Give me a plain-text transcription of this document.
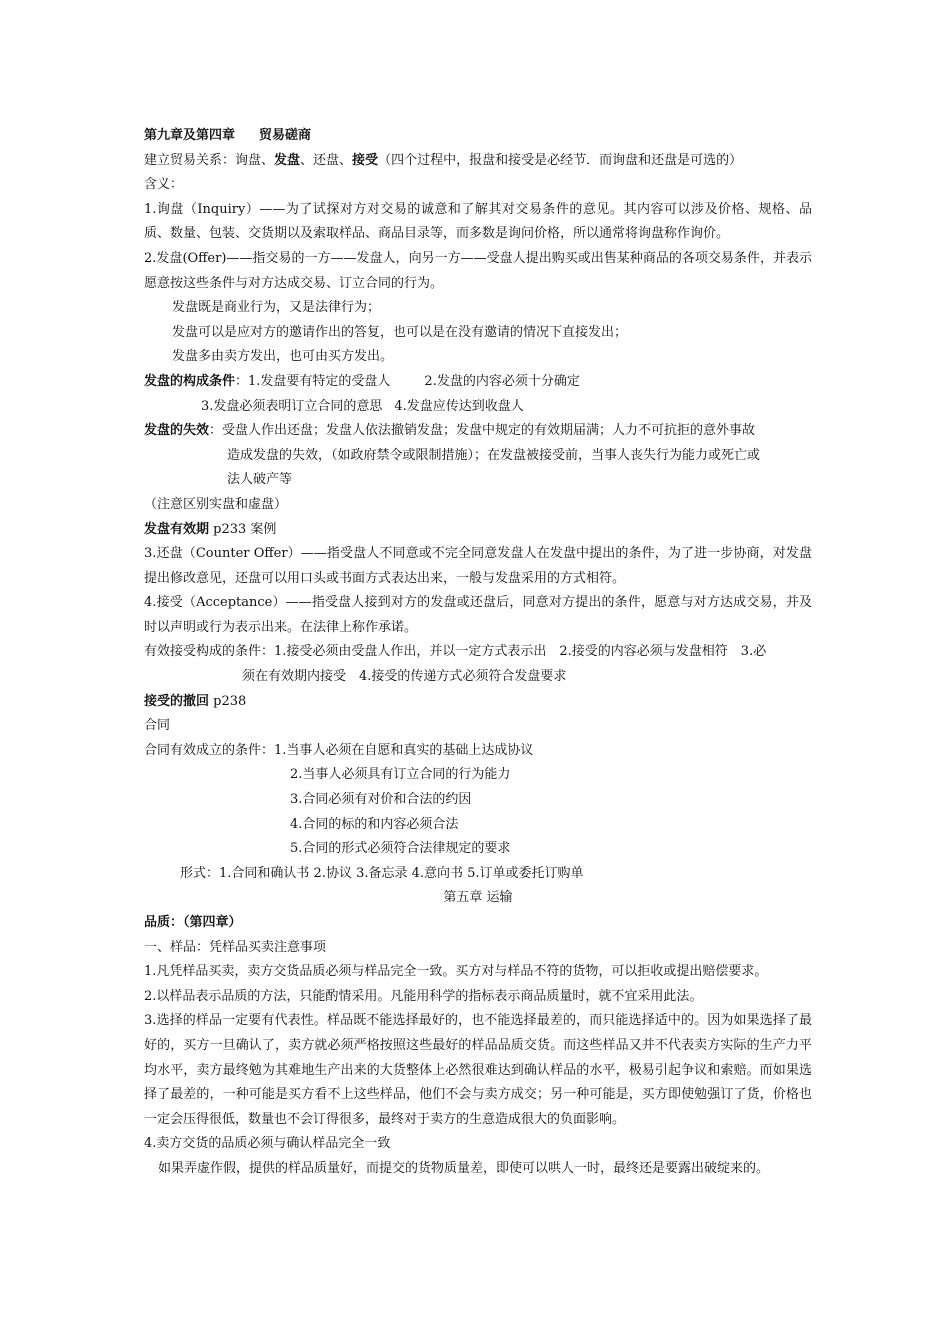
第九章及第四章 贸易磋商
建立贸易关系：询盘、发盘、还盘、接受（四个过程中，报盘和接受是必经节．而询盘和还盘是可选的）
含义：
1.询盘（Inquiry）——为了试探对方对交易的诚意和了解其对交易条件的意见。其内容可以涉及价格、规格、品质、数量、包装、交货期以及索取样品、商品目录等，而多数是询问价格，所以通常将询盘称作询价。
2.发盘(Offer)——指交易的一方——发盘人，向另一方——受盘人提出购买或出售某种商品的各项交易条件，并表示愿意按这些条件与对方达成交易、订立合同的行为。
发盘既是商业行为，又是法律行为；
发盘可以是应对方的邀请作出的答复，也可以是在没有邀请的情况下直接发出；
发盘多由卖方发出，也可由买方发出。
发盘的构成条件：1.发盘要有特定的受盘人	2.发盘的内容必须十分确定
3.发盘必须表明订立合同的意思 4.发盘应传达到收盘人
发盘的失效：受盘人作出还盘；发盘人依法撤销发盘；发盘中规定的有效期届满；人力不可抗拒的意外事故
造成发盘的失效，（如政府禁令或限制措施）；在发盘被接受前，当事人丧失行为能力或死亡或
法人破产等
（注意区别实盘和虚盘）
发盘有效期 p233 案例
3.还盘（Counter Offer）——指受盘人不同意或不完全同意发盘人在发盘中提出的条件，为了进一步协商，对发盘提出修改意见，还盘可以用口头或书面方式表达出来，一般与发盘采用的方式相符。
4.接受（Acceptance）——指受盘人接到对方的发盘或还盘后，同意对方提出的条件，愿意与对方达成交易，并及时以声明或行为表示出来。在法律上称作承诺。
有效接受构成的条件：1.接受必须由受盘人作出，并以一定方式表示出　2.接受的内容必须与发盘相符　3.必
须在有效期内接受　4.接受的传递方式必须符合发盘要求
接受的撤回 p238
合同
合同有效成立的条件：1.当事人必须在自愿和真实的基础上达成协议
2.当事人必须具有订立合同的行为能力
3.合同必须有对价和合法的约因
4.合同的标的和内容必须合法
5.合同的形式必须符合法律规定的要求
形式：1.合同和确认书 2.协议 3.备忘录 4.意向书 5.订单或委托订购单
第五章 运输
品质：（第四章）
一、样品：凭样品买卖注意事项
1.凡凭样品买卖，卖方交货品质必须与样品完全一致。买方对与样品不符的货物，可以拒收或提出赔偿要求。
2.以样品表示品质的方法，只能酌情采用。凡能用科学的指标表示商品质量时，就不宜采用此法。
3.选择的样品一定要有代表性。样品既不能选择最好的，也不能选择最差的，而只能选择适中的。因为如果选择了最好的，买方一旦确认了，卖方就必须严格按照这些最好的样品品质交货。而这些样品又并不代表卖方实际的生产力平均水平，卖方最终勉为其难地生产出来的大货整体上必然很难达到确认样品的水平，极易引起争议和索赔。而如果选择了最差的，一种可能是买方看不上这些样品，他们不会与卖方成交；另一种可能是，买方即使勉强订了货，价格也一定会压得很低，数量也不会订得很多，最终对于卖方的生意造成很大的负面影响。
4.卖方交货的品质必须与确认样品完全一致
如果弄虚作假，提供的样品质量好，而提交的货物质量差，即使可以哄人一时，最终还是要露出破绽来的。
